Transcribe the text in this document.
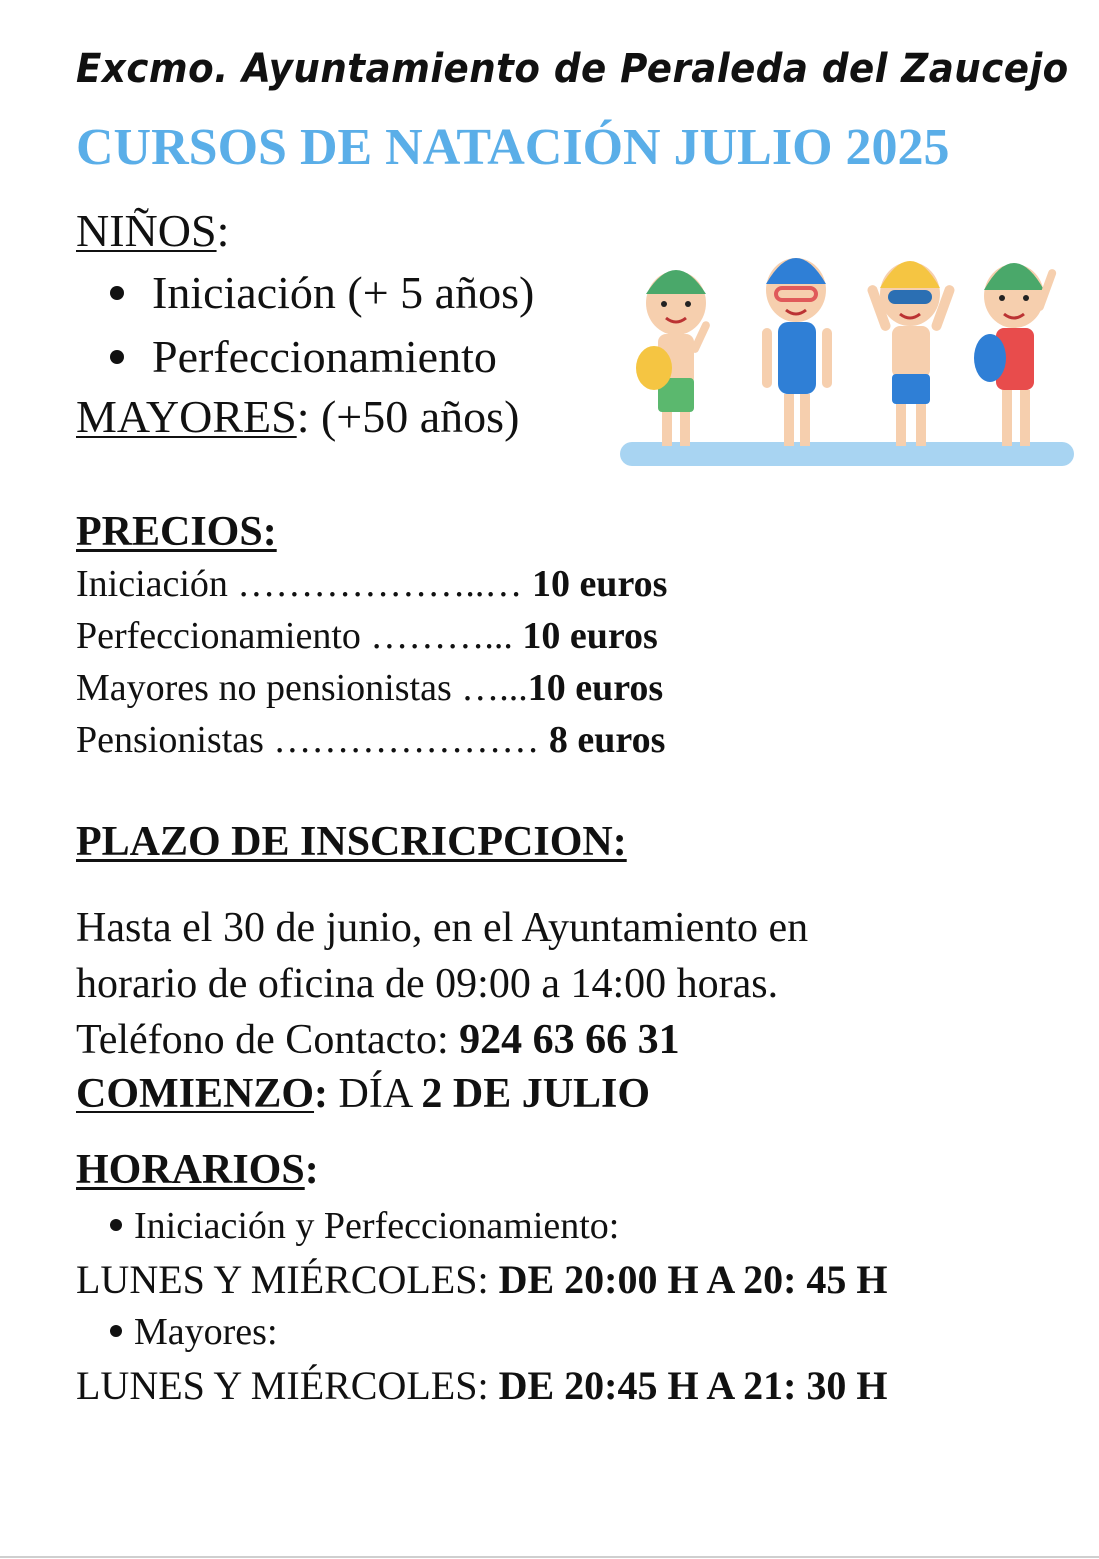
Excmo. Ayuntamiento de Peraleda del Zaucejo
CURSOS DE NATACIÓN JULIO 2025
NIÑOS:
Iniciación (+ 5 años)
Perfeccionamiento
MAYORES: (+50 años)
PRECIOS:
Iniciación ………………..… 10 euros
Perfeccionamiento ………... 10 euros
Mayores no pensionistas …...10 euros
Pensionistas ………………… 8 euros
PLAZO DE INSCRICPCION:
Hasta el 30 de junio, en el Ayuntamiento en
horario de oficina de 09:00 a 14:00 horas.
Teléfono de Contacto: 924 63 66 31
COMIENZO: DÍA 2 DE JULIO
HORARIOS:
Iniciación y Perfeccionamiento:
LUNES Y MIÉRCOLES: DE 20:00 H A 20: 45 H
Mayores:
LUNES Y MIÉRCOLES: DE 20:45 H A 21: 30 H
